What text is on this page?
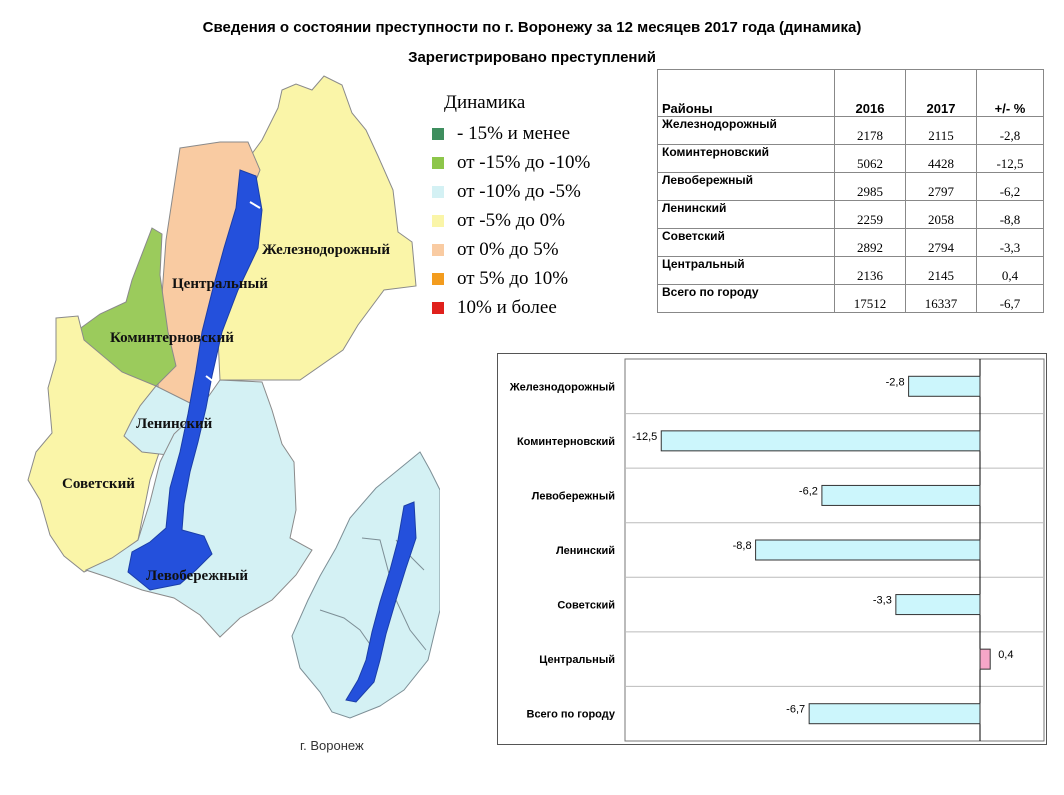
Сведения о состоянии преступности по г. Воронежу за 12 месяцев 2017 года (динамика)
Зарегистрировано преступлений
Железнодорожный
Центральный
Коминтерновский
Ленинский
Советский
Левобережный
г. Воронеж
Динамика
- 15% и менее
от -15% до -10%
от -10% до -5%
от -5% до 0%
от 0% до 5%
от 5% до 10%
10% и более
Районы	2016	2017	+/- %
Железнодорожный	2178	2115	-2,8
Коминтерновский	5062	4428	-12,5
Левобережный	2985	2797	-6,2
Ленинский	2259	2058	-8,8
Советский	2892	2794	-3,3
Центральный	2136	2145	0,4
Всего по городу	17512	16337	-6,7
Железнодорожный	-2,8
Коминтерновский -12,5
Левобережный	-6,2
Ленинский	-8,8
Советский	-3,3
Центральный	0,4
Всего по городу	-6,7
